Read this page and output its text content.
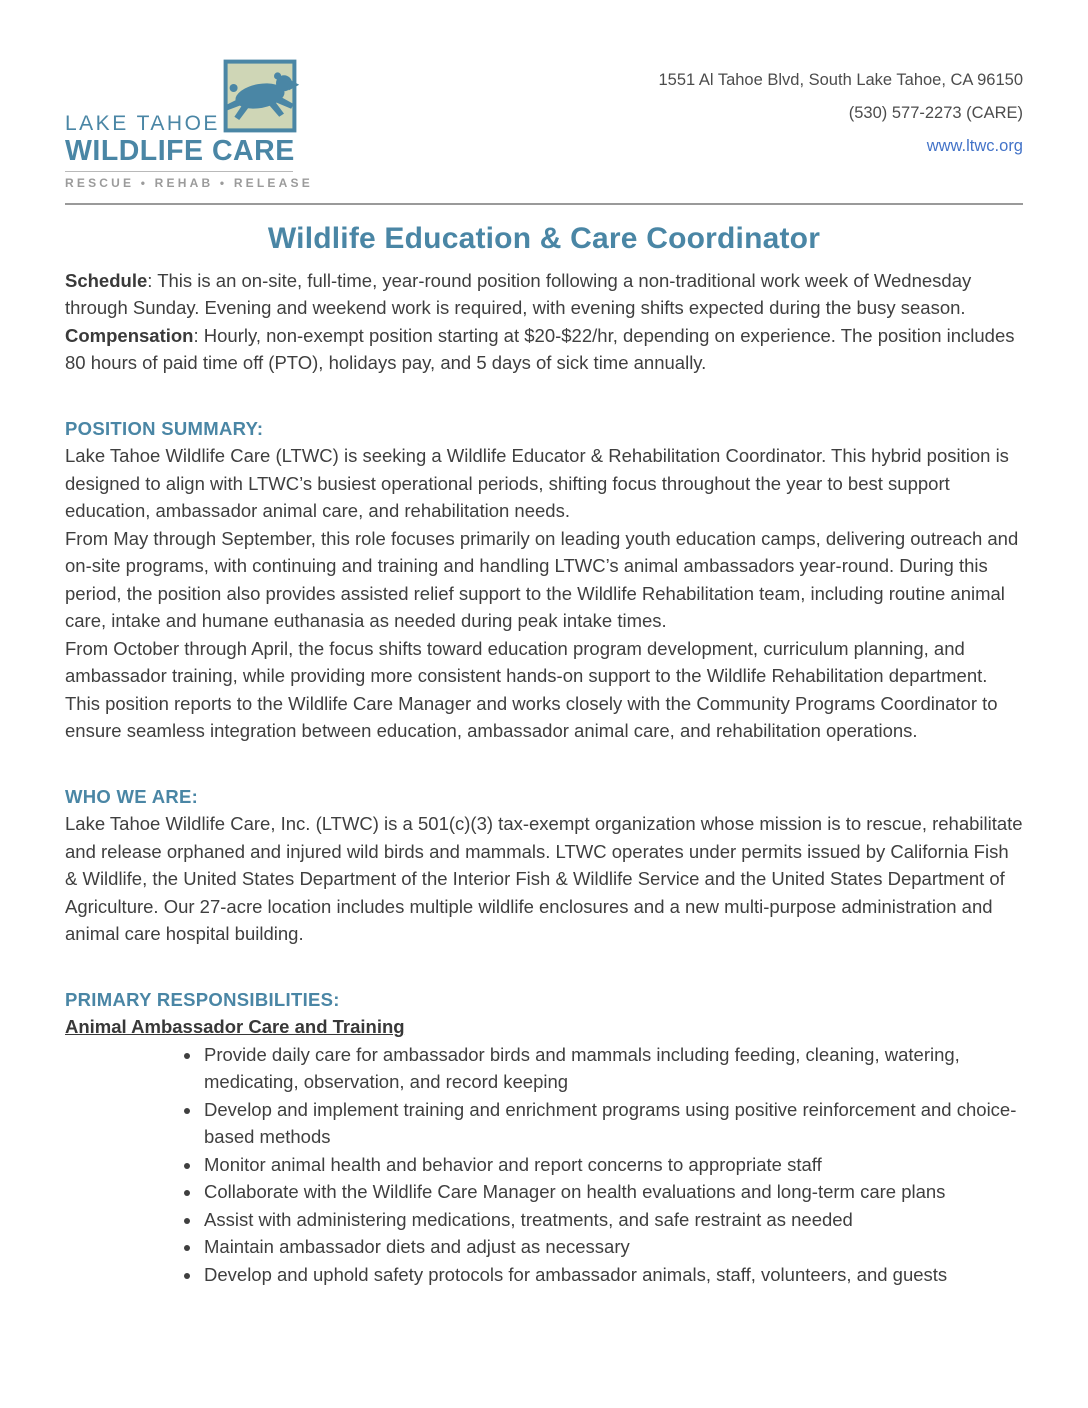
LAKE TAHOE
WILDLIFE CARE
RESCUE • REHAB • RELEASE
1551 Al Tahoe Blvd, South Lake Tahoe, CA 96150
(530) 577-2273 (CARE)
www.ltwc.org
Wildlife Education & Care Coordinator

Schedule: This is an on-site, full-time, year-round position following a non-traditional work week of Wednesday through Sunday. Evening and weekend work is required, with evening shifts expected during the busy season.

Compensation: Hourly, non-exempt position starting at $20-$22/hr, depending on experience. The position includes 80 hours of paid time off (PTO), holidays pay, and 5 days of sick time annually.

POSITION SUMMARY:

Lake Tahoe Wildlife Care (LTWC) is seeking a Wildlife Educator & Rehabilitation Coordinator. This hybrid position is designed to align with LTWC’s busiest operational periods, shifting focus throughout the year to best support education, ambassador animal care, and rehabilitation needs.

From May through September, this role focuses primarily on leading youth education camps, delivering outreach and on-site programs, with continuing and training and handling LTWC’s animal ambassadors year-round. During this period, the position also provides assisted relief support to the Wildlife Rehabilitation team, including routine animal care, intake and humane euthanasia as needed during peak intake times.

From October through April, the focus shifts toward education program development, curriculum planning, and ambassador training, while providing more consistent hands-on support to the Wildlife Rehabilitation department. This position reports to the Wildlife Care Manager and works closely with the Community Programs Coordinator to ensure seamless integration between education, ambassador animal care, and rehabilitation operations.

WHO WE ARE:

Lake Tahoe Wildlife Care, Inc. (LTWC) is a 501(c)(3) tax-exempt organization whose mission is to rescue, rehabilitate and release orphaned and injured wild birds and mammals. LTWC operates under permits issued by California Fish & Wildlife, the United States Department of the Interior Fish & Wildlife Service and the United States Department of Agriculture. Our 27-acre location includes multiple wildlife enclosures and a new multi-purpose administration and animal care hospital building.

PRIMARY RESPONSIBILITIES:

Animal Ambassador Care and Training

• Provide daily care for ambassador birds and mammals including feeding, cleaning, watering, medicating, observation, and record keeping
• Develop and implement training and enrichment programs using positive reinforcement and choice-based methods
• Monitor animal health and behavior and report concerns to appropriate staff
• Collaborate with the Wildlife Care Manager on health evaluations and long-term care plans
• Assist with administering medications, treatments, and safe restraint as needed
• Maintain ambassador diets and adjust as necessary
• Develop and uphold safety protocols for ambassador animals, staff, volunteers, and guests
